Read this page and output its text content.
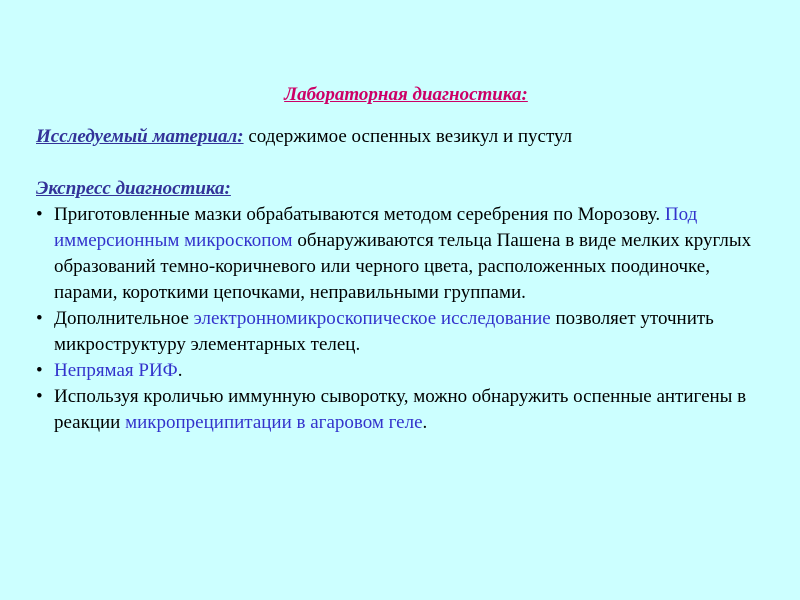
Лабораторная диагностика:
Исследуемый материал: содержимое оспенных везикул и пустул
Экспресс диагностика:
• Приготовленные мазки обрабатываются методом серебрения по Морозову. Под иммерсионным микроскопом обнаруживаются тельца Пашена в виде мелких круглых образований темно-коричневого или черного цвета, расположенных поодиночке, парами, короткими цепочками, неправильными группами.
• Дополнительное электронномикроскопическое исследование позволяет уточнить микроструктуру элементарных телец.
• Непрямая РИФ.
• Используя кроличью иммунную сыворотку, можно обнаружить оспенные антигены в реакции микропреципитации в агаровом геле.
